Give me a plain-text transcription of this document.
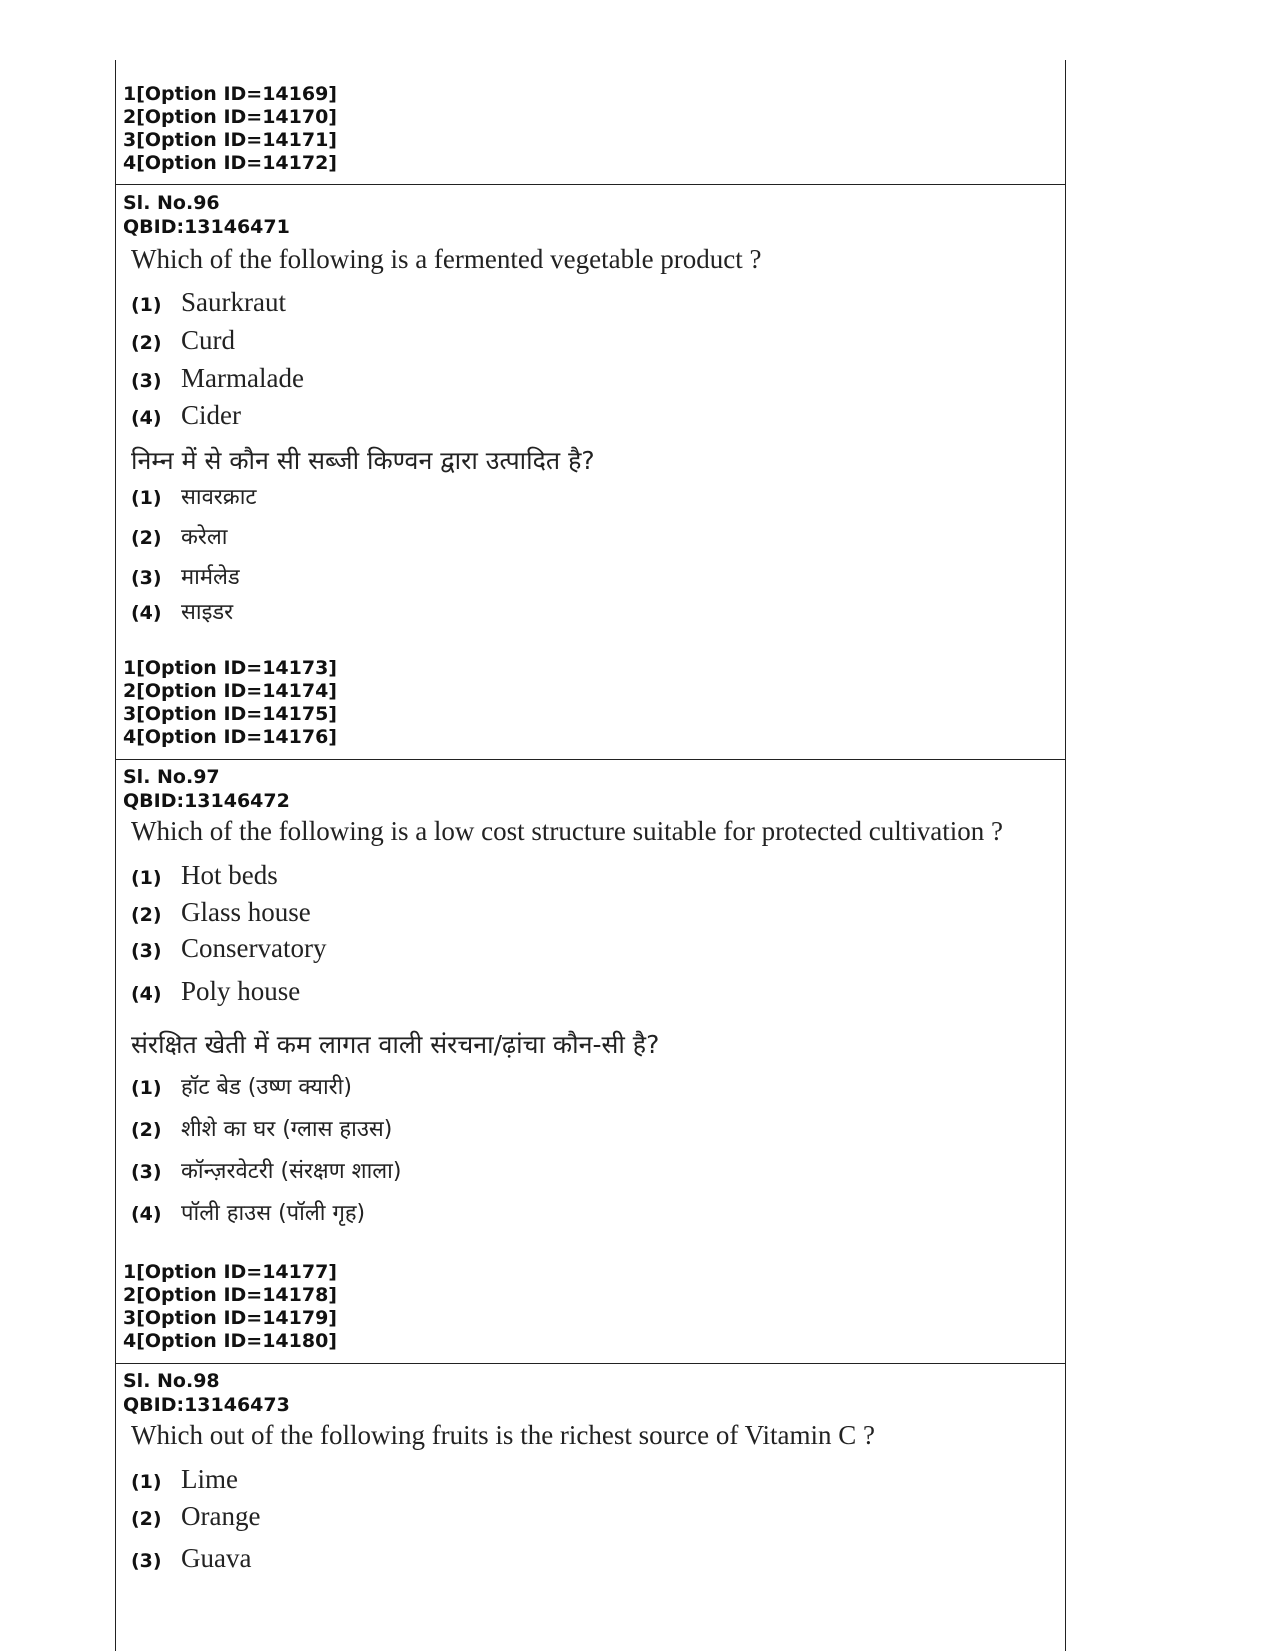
1[Option ID=14169]
2[Option ID=14170]
3[Option ID=14171]
4[Option ID=14172]
Sl. No.96
QBID:13146471
Which of the following is a fermented vegetable product ?
(1) Saurkraut
(2) Curd
(3) Marmalade
(4) Cider
निम्न में से कौन सी सब्जी किण्वन द्वारा उत्पादित है?
(1) सावरक्राट
(2) करेला
(3) मार्मलेड
(4) साइडर
1[Option ID=14173]
2[Option ID=14174]
3[Option ID=14175]
4[Option ID=14176]
Sl. No.97
QBID:13146472
Which of the following is a low cost structure suitable for protected cultivation ?
(1) Hot beds
(2) Glass house
(3) Conservatory
(4) Poly house
संरक्षित खेती में कम लागत वाली संरचना/ढ़ांचा कौन-सी है?
(1) हॉट बेड (उष्ण क्यारी)
(2) शीशे का घर (ग्लास हाउस)
(3) कॉन्ज़रवेटरी (संरक्षण शाला)
(4) पॉली हाउस (पॉली गृह)
1[Option ID=14177]
2[Option ID=14178]
3[Option ID=14179]
4[Option ID=14180]
Sl. No.98
QBID:13146473
Which out of the following fruits is the richest source of Vitamin C ?
(1) Lime
(2) Orange
(3) Guava
